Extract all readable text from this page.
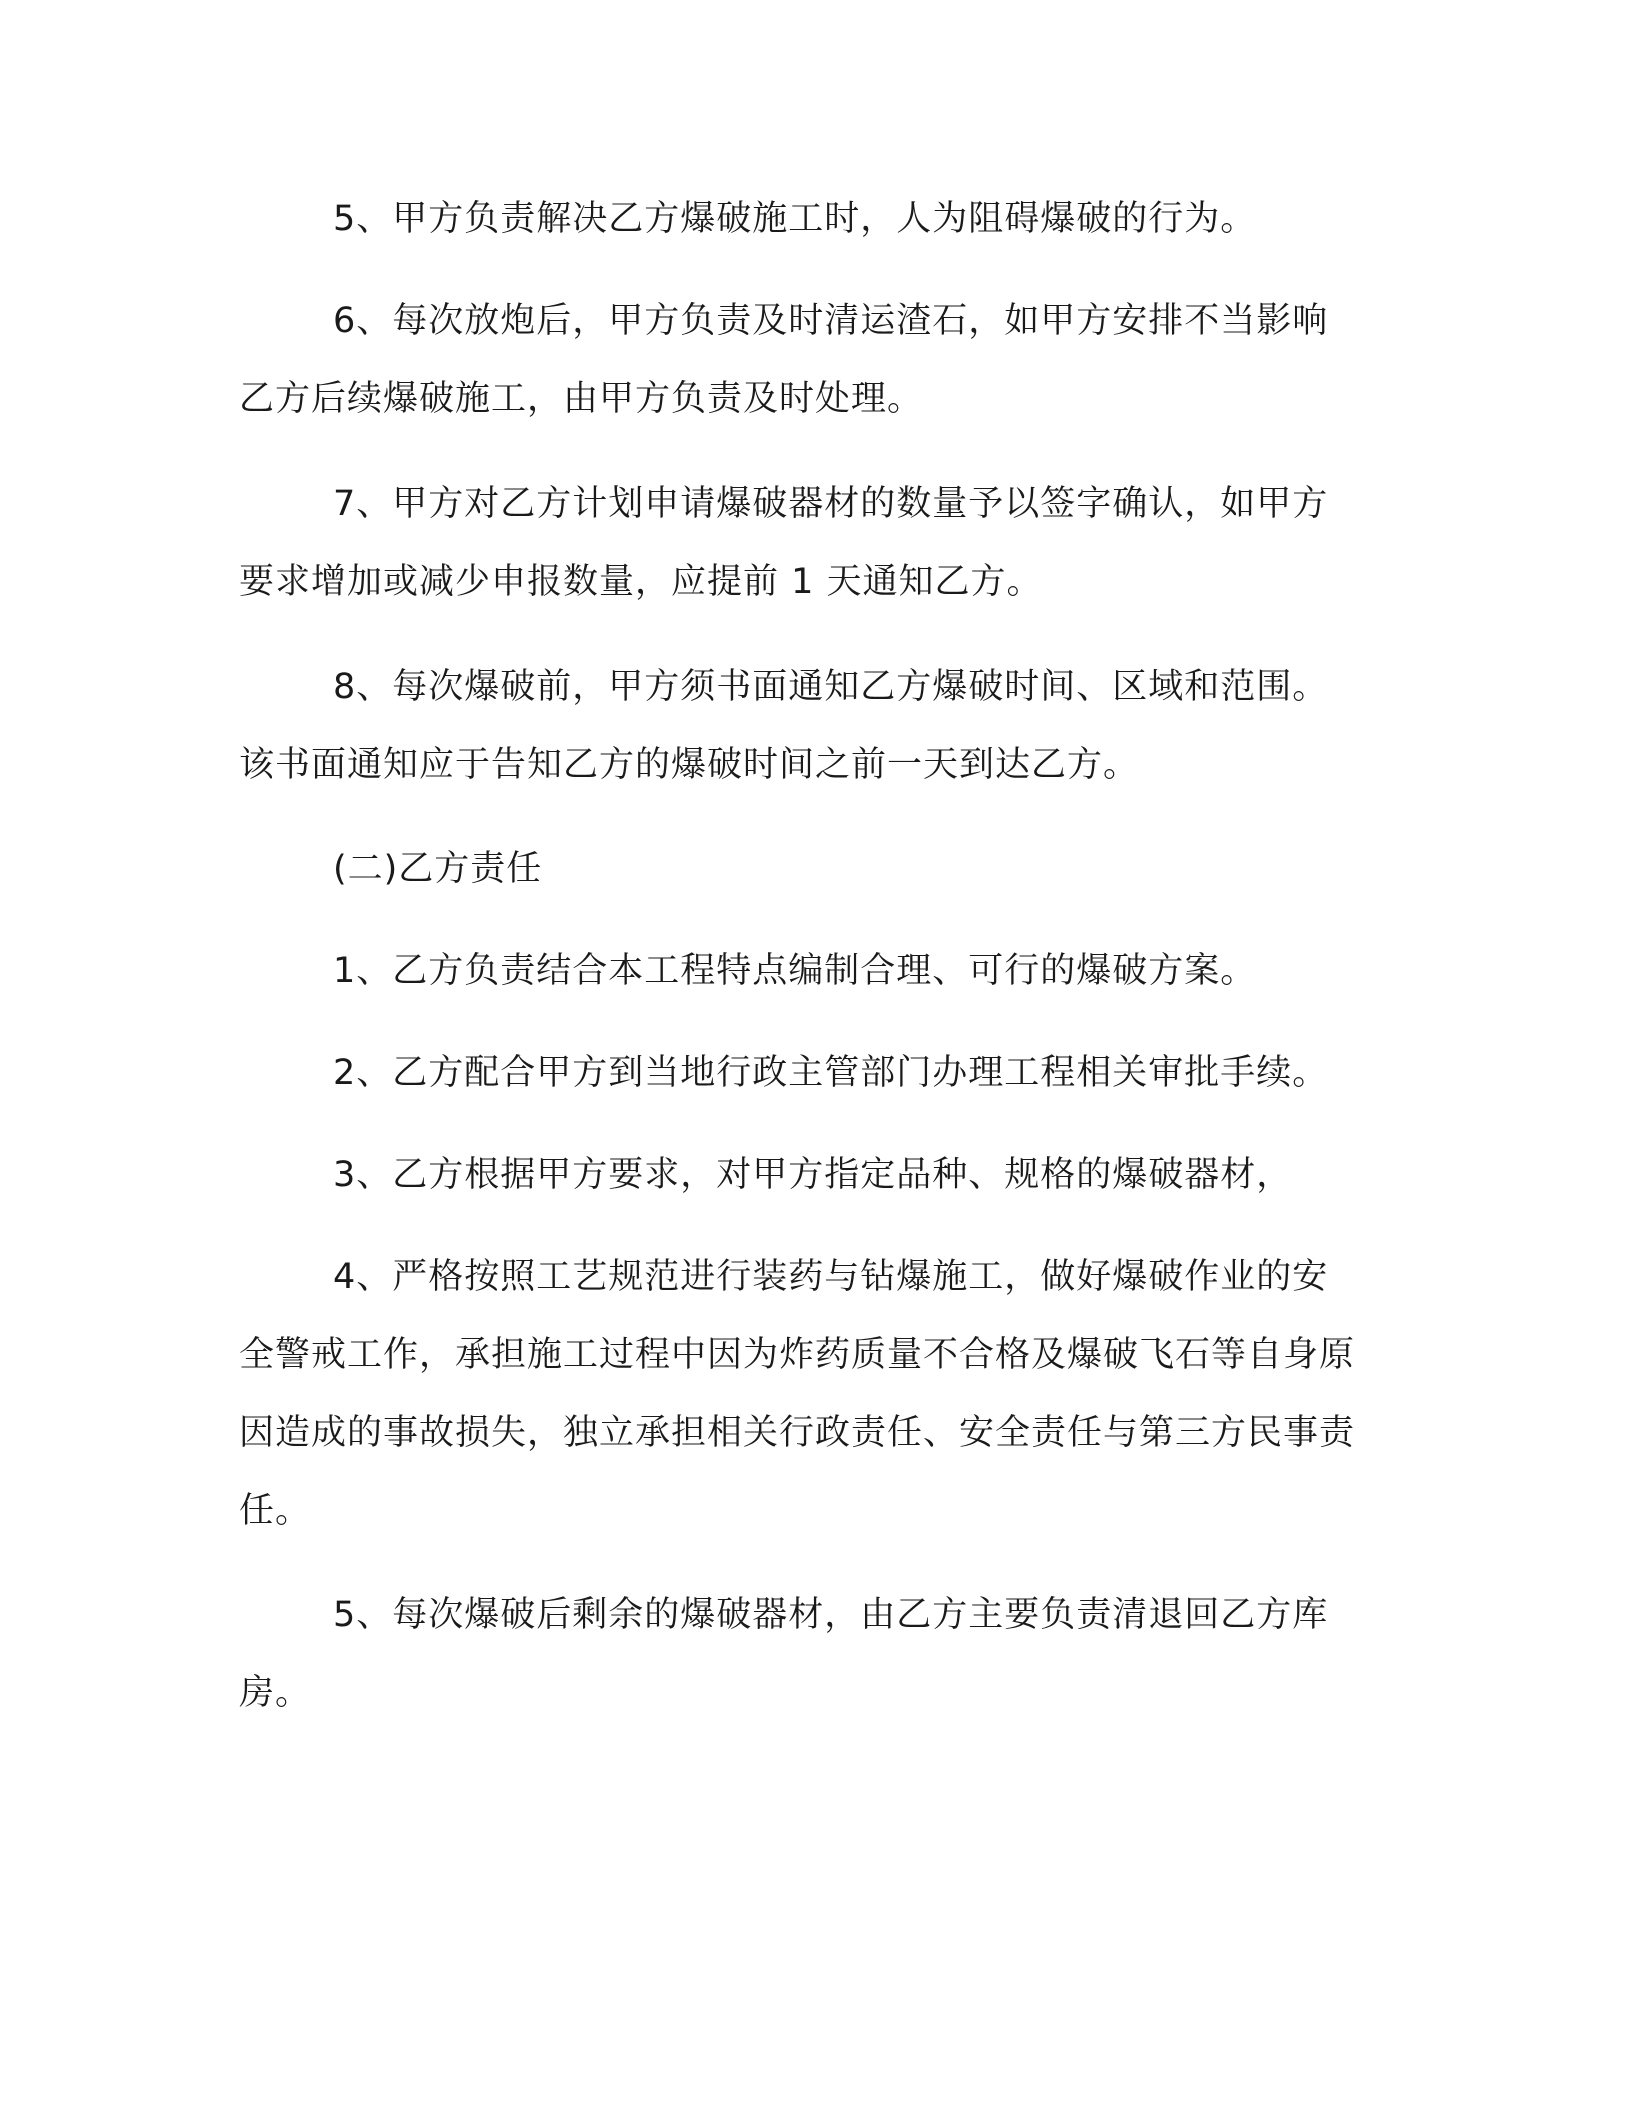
5、甲方负责解决乙方爆破施工时，人为阻碍爆破的行为。

6、每次放炮后，甲方负责及时清运渣石，如甲方安排不当影响乙方后续爆破施工，由甲方负责及时处理。

7、甲方对乙方计划申请爆破器材的数量予以签字确认，如甲方要求增加或减少申报数量，应提前 1 天通知乙方。

8、每次爆破前，甲方须书面通知乙方爆破时间、区域和范围。该书面通知应于告知乙方的爆破时间之前一天到达乙方。

(二)乙方责任

1、乙方负责结合本工程特点编制合理、可行的爆破方案。

2、乙方配合甲方到当地行政主管部门办理工程相关审批手续。

3、乙方根据甲方要求，对甲方指定品种、规格的爆破器材，

4、严格按照工艺规范进行装药与钻爆施工，做好爆破作业的安全警戒工作，承担施工过程中因为炸药质量不合格及爆破飞石等自身原因造成的事故损失，独立承担相关行政责任、安全责任与第三方民事责任。

5、每次爆破后剩余的爆破器材，由乙方主要负责清退回乙方库房。
